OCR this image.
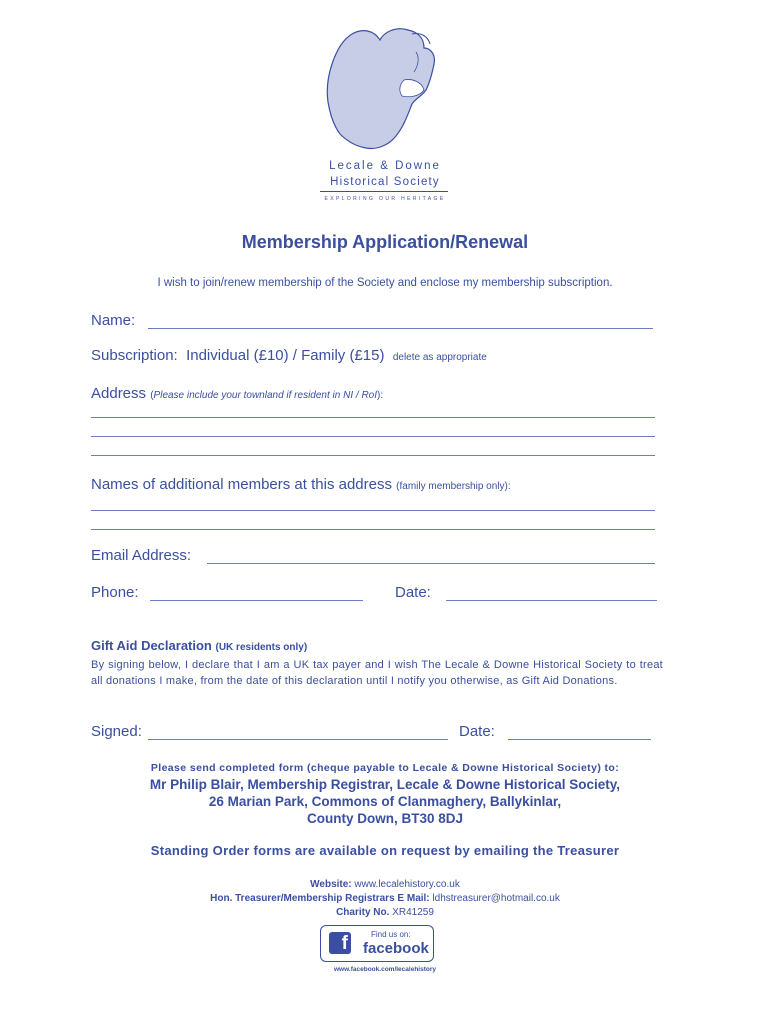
Lecale & Downe
Historical Society
EXPLORING OUR HERITAGE
Membership Application/Renewal
I wish to join/renew membership of the Society and enclose my membership subscription.
Name:
Subscription: Individual (£10) / Family (£15) delete as appropriate
Address (Please include your townland if resident in NI / RoI):
Names of additional members at this address (family membership only):
Email Address:
Phone:	Date:
Gift Aid Declaration (UK residents only)
By signing below, I declare that I am a UK tax payer and I wish The Lecale & Downe Historical Society to treat all donations I make, from the date of this declaration until I notify you otherwise, as Gift Aid Donations.
Signed:	Date:
Please send completed form (cheque payable to Lecale & Downe Historical Society) to:
Mr Philip Blair, Membership Registrar, Lecale & Downe Historical Society,
26 Marian Park, Commons of Clanmaghery, Ballykinlar,
County Down, BT30 8DJ
Standing Order forms are available on request by emailing the Treasurer
Website: www.lecalehistory.co.uk
Hon. Treasurer/Membership Registrars E Mail: ldhstreasurer@hotmail.co.uk
Charity No. XR41259
f	Find us on:
facebook
www.facebook.com/lecalehistory
